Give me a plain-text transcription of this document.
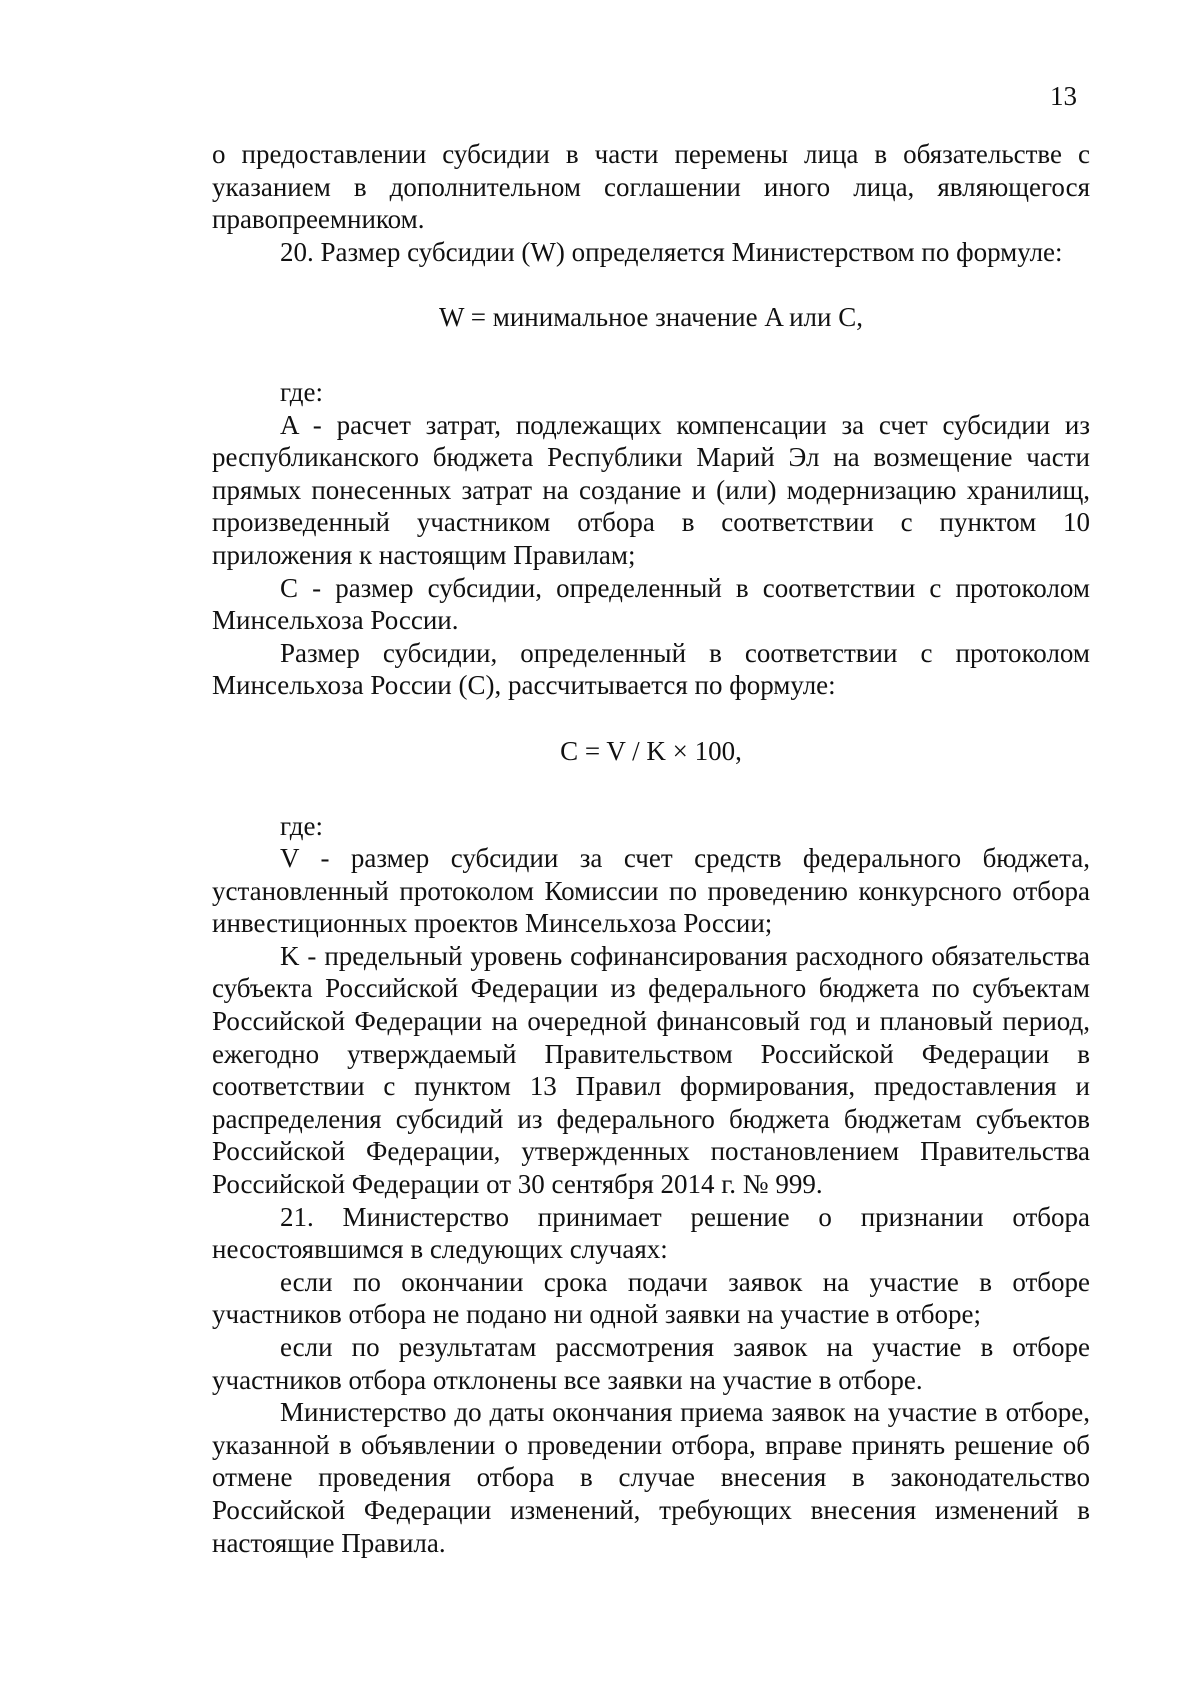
13

о предоставлении субсидии в части перемены лица в обязательстве с указанием в дополнительном соглашении иного лица, являющегося правопреемником.

20. Размер субсидии (W) определяется Министерством по формуле:

W = минимальное значение A или C,

где:

A - расчет затрат, подлежащих компенсации за счет субсидии из республиканского бюджета Республики Марий Эл на возмещение части прямых понесенных затрат на создание и (или) модернизацию хранилищ, произведенный участником отбора в соответствии с пунктом 10 приложения к настоящим Правилам;

C - размер субсидии, определенный в соответствии с протоколом Минсельхоза России.

Размер субсидии, определенный в соответствии с протоколом Минсельхоза России (C), рассчитывается по формуле:

C = V / K × 100,

где:

V - размер субсидии за счет средств федерального бюджета, установленный протоколом Комиссии по проведению конкурсного отбора инвестиционных проектов Минсельхоза России;

K - предельный уровень софинансирования расходного обязательства субъекта Российской Федерации из федерального бюджета по субъектам Российской Федерации на очередной финансовый год и плановый период, ежегодно утверждаемый Правительством Российской Федерации в соответствии с пунктом 13 Правил формирования, предоставления и распределения субсидий из федерального бюджета бюджетам субъектов Российской Федерации, утвержденных постановлением Правительства Российской Федерации от 30 сентября 2014 г. № 999.

21. Министерство принимает решение о признании отбора несостоявшимся в следующих случаях:

если по окончании срока подачи заявок на участие в отборе участников отбора не подано ни одной заявки на участие в отборе;

если по результатам рассмотрения заявок на участие в отборе участников отбора отклонены все заявки на участие в отборе.

Министерство до даты окончания приема заявок на участие в отборе, указанной в объявлении о проведении отбора, вправе принять решение об отмене проведения отбора в случае внесения в законодательство Российской Федерации изменений, требующих внесения изменений в настоящие Правила.
